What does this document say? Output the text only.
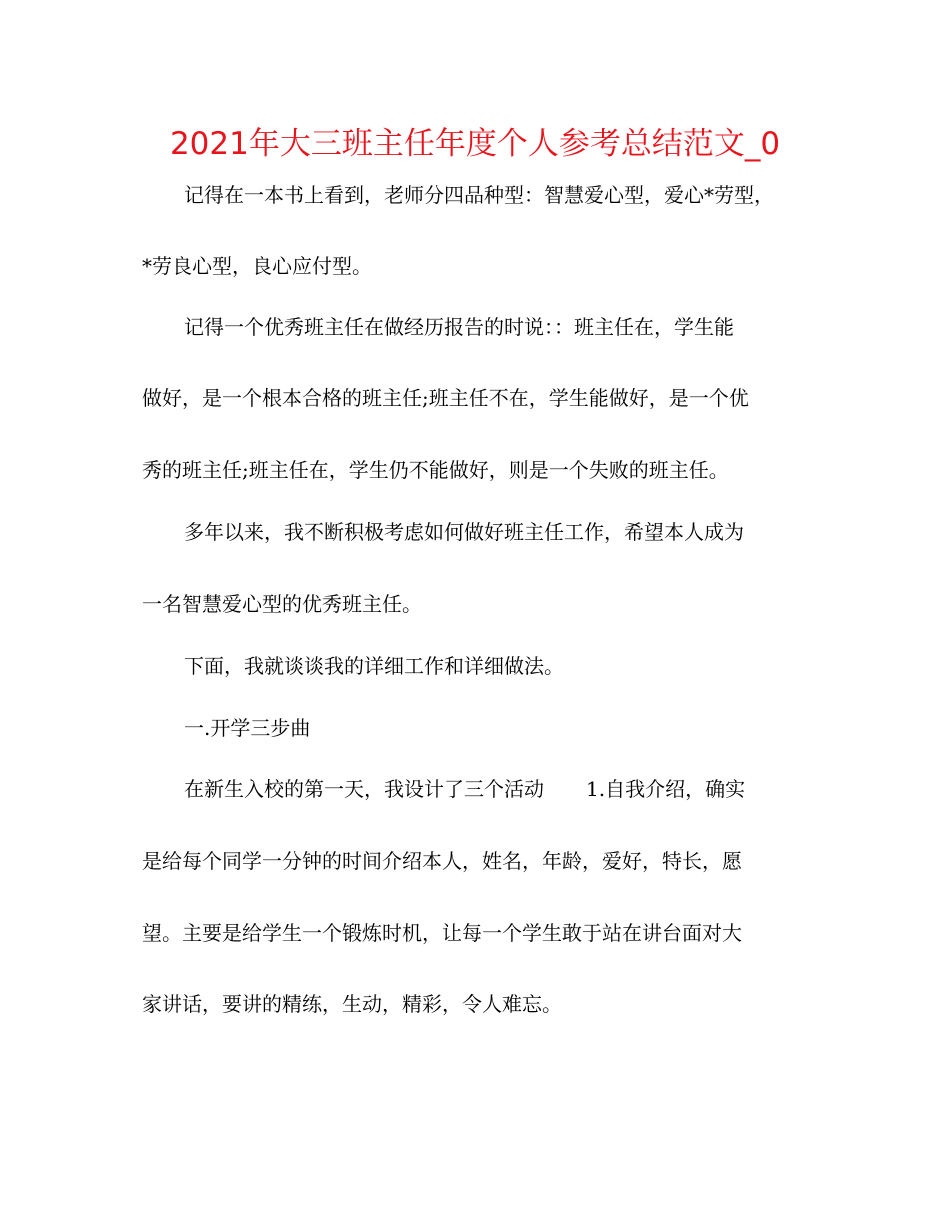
2021年大三班主任年度个人参考总结范文_0
记得在一本书上看到，老师分四品种型：智慧爱心型，爱心*劳型，
*劳良心型，良心应付型。
记得一个优秀班主任在做经历报告的时说：：班主任在，学生能
做好，是一个根本合格的班主任;班主任不在，学生能做好，是一个优
秀的班主任;班主任在，学生仍不能做好，则是一个失败的班主任。
多年以来，我不断积极考虑如何做好班主任工作，希望本人成为
一名智慧爱心型的优秀班主任。
下面，我就谈谈我的详细工作和详细做法。
一.开学三步曲
在新生入校的第一天，我设计了三个活动 1.自我介绍，确实
是给每个同学一分钟的时间介绍本人，姓名，年龄，爱好，特长，愿
望。主要是给学生一个锻炼时机，让每一个学生敢于站在讲台面对大
家讲话，要讲的精练，生动，精彩，令人难忘。
